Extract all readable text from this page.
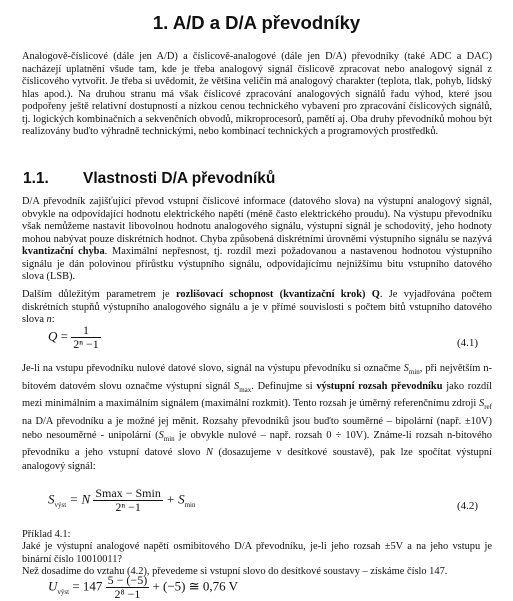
1. A/D a D/A převodníky

Analogově-číslicové (dále jen A/D) a číslicově-analogové (dále jen D/A) převodníky (také ADC a DAC) nacházejí uplatnění všude tam, kde je třeba analogový signál číslicově zpracovat nebo analogový signál z číslicového vytvořit. Je třeba si uvědomit, že většina veličin má analogový charakter (teplota, tlak, pohyb, lidský hlas apod.). Na druhou stranu má však číslicové zpracování analogových signálů řadu výhod, které jsou podpořeny ještě relativní dostupností a nízkou cenou technického vybavení pro zpracování číslicových signálů, tj. logických kombinačních a sekvenčních obvodů, mikroprocesorů, pamětí aj. Oba druhy převodníků mohou být realizovány buďto výhradně technickými, nebo kombinací technických a programových prostředků.

1.1. Vlastnosti D/A převodníků

D/A převodník zajišťující převod vstupní číslicové informace (datového slova) na výstupní analogový signál, obvykle na odpovídající hodnotu elektrického napětí (méně často elektrického proudu). Na výstupu převodníku však nemůžeme nastavit libovolnou hodnotu analogového signálu, výstupní signál je schodovitý, jeho hodnoty mohou nabývat pouze diskrétních hodnot. Chyba způsobená diskrétními úrovněmi výstupního signálu se nazývá kvantizační chyba. Maximální nepřesnost, tj. rozdíl mezi požadovanou a nastavenou hodnotou výstupního signálu je dán polovinou přírůstku výstupního signálu, odpovídajícímu nejnižšímu bitu vstupního datového slova (LSB).

Dalším důležitým parametrem je rozlišovací schopnost (kvantizační krok) Q. Je vyjadřována počtem diskrétních stupňů výstupního analogového signálu a je v přímé souvislosti s počtem bitů vstupního datového slova n:

$Q = \frac{1}{\text{2ⁿ −1}}$	(4.1)

Je-li na vstupu převodníku nulové datové slovo, signál na výstupu převodníku si označme $S_{min}$, při největším n-bitovém datovém slovu označme výstupní signál $S_{max}$. Definujme si výstupní rozsah převodníku jako rozdíl mezi minimálním a maximálním signálem (maximální rozkmit). Tento rozsah je úměrný referenčnímu zdroji $S_{ref}$ na D/A převodníku a je možné jej měnit. Rozsahy převodníků jsou buďto souměrné – bipolární (např. ±10V) nebo nesouměrné - unipolární ($S_{min}$ je obvykle nulové – např. rozsah 0 ÷ 10V). Známe-li rozsah n-bitového převodníku a jeho vstupní datové slovo N (dosazujeme v desítkové soustavě), pak lze spočítat výstupní analogový signál:

$S_{výst} = N \frac{Smax - Smin}{\text{2ⁿ −1}} + S_{min}$	(4.2)

Příklad 4.1:

Jaké je výstupní analogové napětí osmibitového D/A převodníku, je-li jeho rozsah ±5V a na jeho vstupu je binární číslo 10010011?

Než dosadíme do vztahu (4.2), převedeme si vstupní slovo do desítkové soustavy – získáme číslo 147.

$U_{výst} = 147 \frac{5 - (-5)}{\text{2⁸ −1}} + (-5)$ ≅ 0,76 V
